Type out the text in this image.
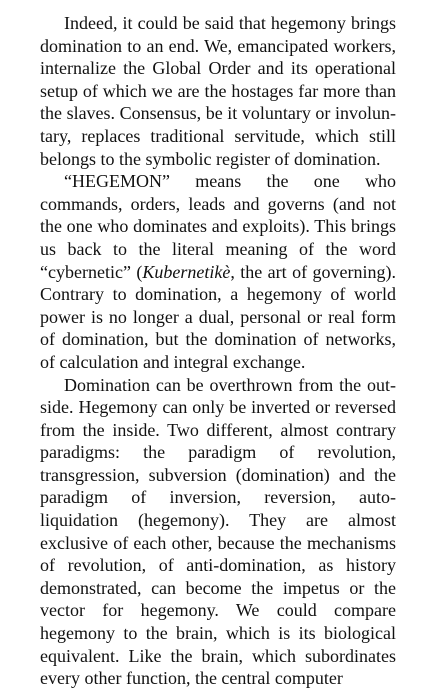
Indeed, it could be said that hegemony brings domination to an end. We, emancipated workers, internalize the Global Order and its operational setup of which we are the hostages far more than the slaves. Consensus, be it voluntary or involuntary, replaces traditional servitude, which still belongs to the symbolic register of domination.

“HEGEMON” means the one who commands, orders, leads and governs (and not the one who dominates and exploits). This brings us back to the literal meaning of the word “cybernetic” (Kubernetikè, the art of governing). Contrary to domination, a hegemony of world power is no longer a dual, personal or real form of domination, but the domination of networks, of calculation and integral exchange.

Domination can be overthrown from the outside. Hegemony can only be inverted or reversed from the inside. Two different, almost contrary paradigms: the paradigm of revolution, transgression, subversion (domination) and the paradigm of inversion, reversion, auto-liquidation (hegemony). They are almost exclusive of each other, because the mechanisms of revolution, of anti-domination, as history demonstrated, can become the impetus or the vector for hegemony. We could compare hegemony to the brain, which is its biological equivalent. Like the brain, which subordinates every other function, the central computer
